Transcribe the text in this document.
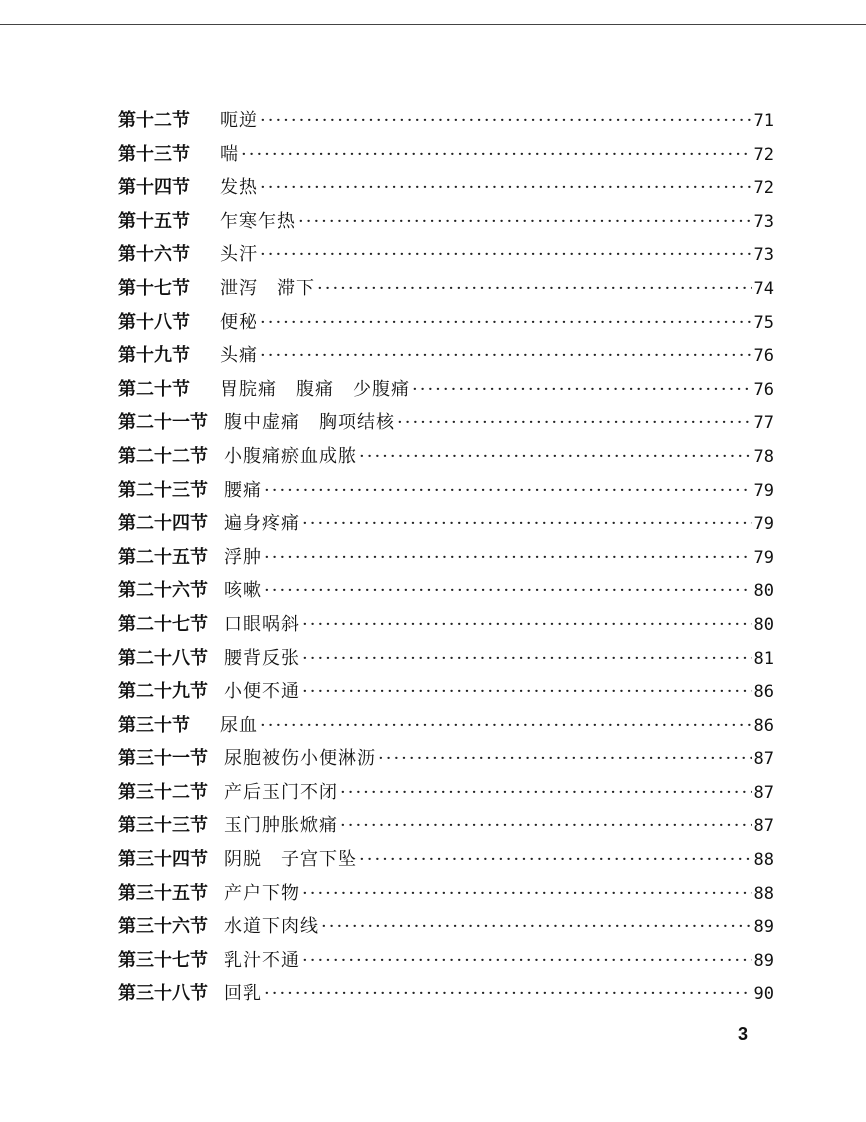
第十二节 呃逆 ·····	71
第十三节 喘 ·····	72
第十四节 发热 ·····	72
第十五节 乍寒乍热 ·····	73
第十六节 头汗 ·····	73
第十七节 泄泻　滞下 ·····	74
第十八节 便秘 ·····	75
第十九节 头痛 ·····	76
第二十节 胃脘痛　腹痛　少腹痛 ·····	76
第二十一节 腹中虚痛　胸项结核 ·····	77
第二十二节 小腹痛瘀血成脓 ·····	78
第二十三节 腰痛 ·····	79
第二十四节 遍身疼痛 ·····	79
第二十五节 浮肿 ·····	79
第二十六节 咳嗽 ·····	80
第二十七节 口眼㖞斜 ·····	80
第二十八节 腰背反张 ·····	81
第二十九节 小便不通 ·····	86
第三十节 尿血 ·····	86
第三十一节 尿胞被伤小便淋沥 ·····	87
第三十二节 产后玉门不闭 ·····	87
第三十三节 玉门肿胀焮痛 ·····	87
第三十四节 阴脱　子宫下坠 ·····	88
第三十五节 产户下物 ·····	88
第三十六节 水道下肉线 ·····	89
第三十七节 乳汁不通 ·····	89
第三十八节 回乳 ·····	90
3
